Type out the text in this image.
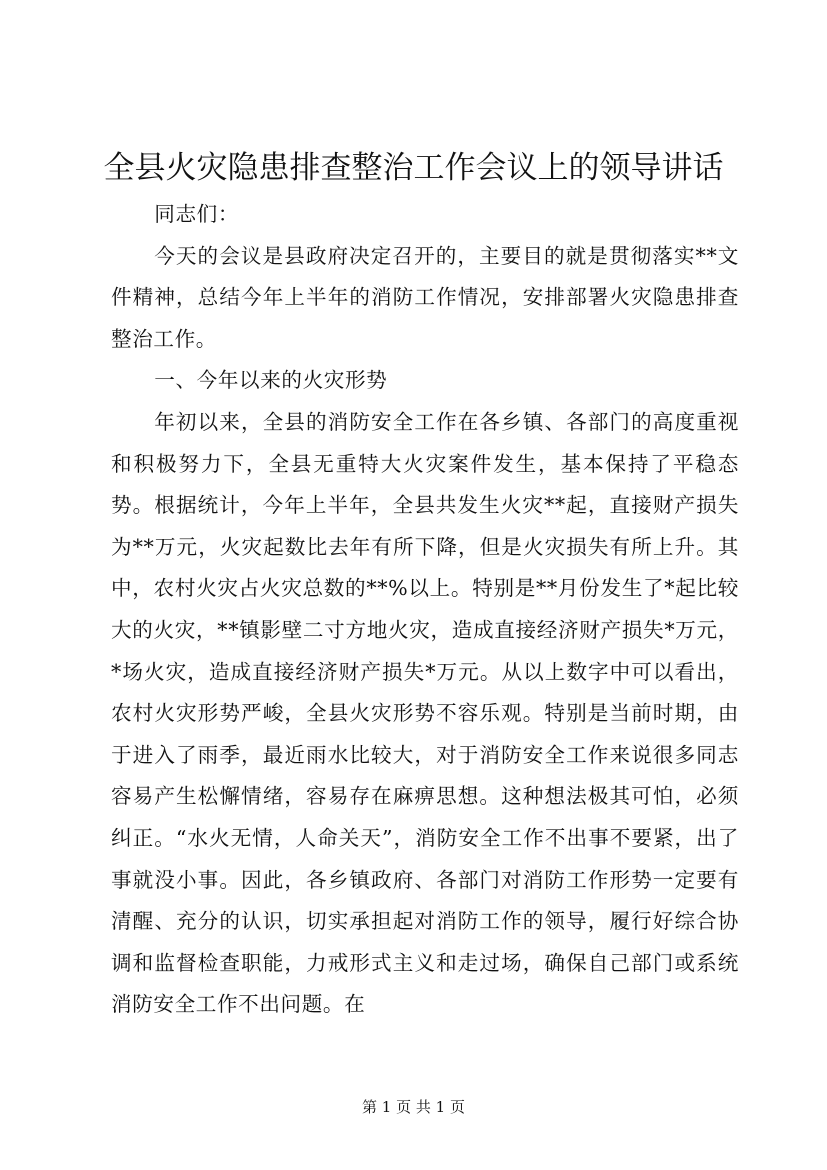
全县火灾隐患排查整治工作会议上的领导讲话

同志们：

今天的会议是县政府决定召开的，主要目的就是贯彻落实**文件精神，总结今年上半年的消防工作情况，安排部署火灾隐患排查整治工作。

一、今年以来的火灾形势

年初以来，全县的消防安全工作在各乡镇、各部门的高度重视和积极努力下，全县无重特大火灾案件发生，基本保持了平稳态势。根据统计，今年上半年，全县共发生火灾**起，直接财产损失为**万元，火灾起数比去年有所下降，但是火灾损失有所上升。其中，农村火灾占火灾总数的**%以上。特别是**月份发生了*起比较大的火灾，**镇影壁二寸方地火灾，造成直接经济财产损失*万元，*场火灾，造成直接经济财产损失*万元。从以上数字中可以看出，农村火灾形势严峻，全县火灾形势不容乐观。特别是当前时期，由于进入了雨季，最近雨水比较大，对于消防安全工作来说很多同志容易产生松懈情绪，容易存在麻痹思想。这种想法极其可怕，必须纠正。“水火无情，人命关天”，消防安全工作不出事不要紧，出了事就没小事。因此，各乡镇政府、各部门对消防工作形势一定要有清醒、充分的认识，切实承担起对消防工作的领导，履行好综合协调和监督检查职能，力戒形式主义和走过场，确保自己部门或系统消防安全工作不出问题。在

第 1 页 共 1 页
